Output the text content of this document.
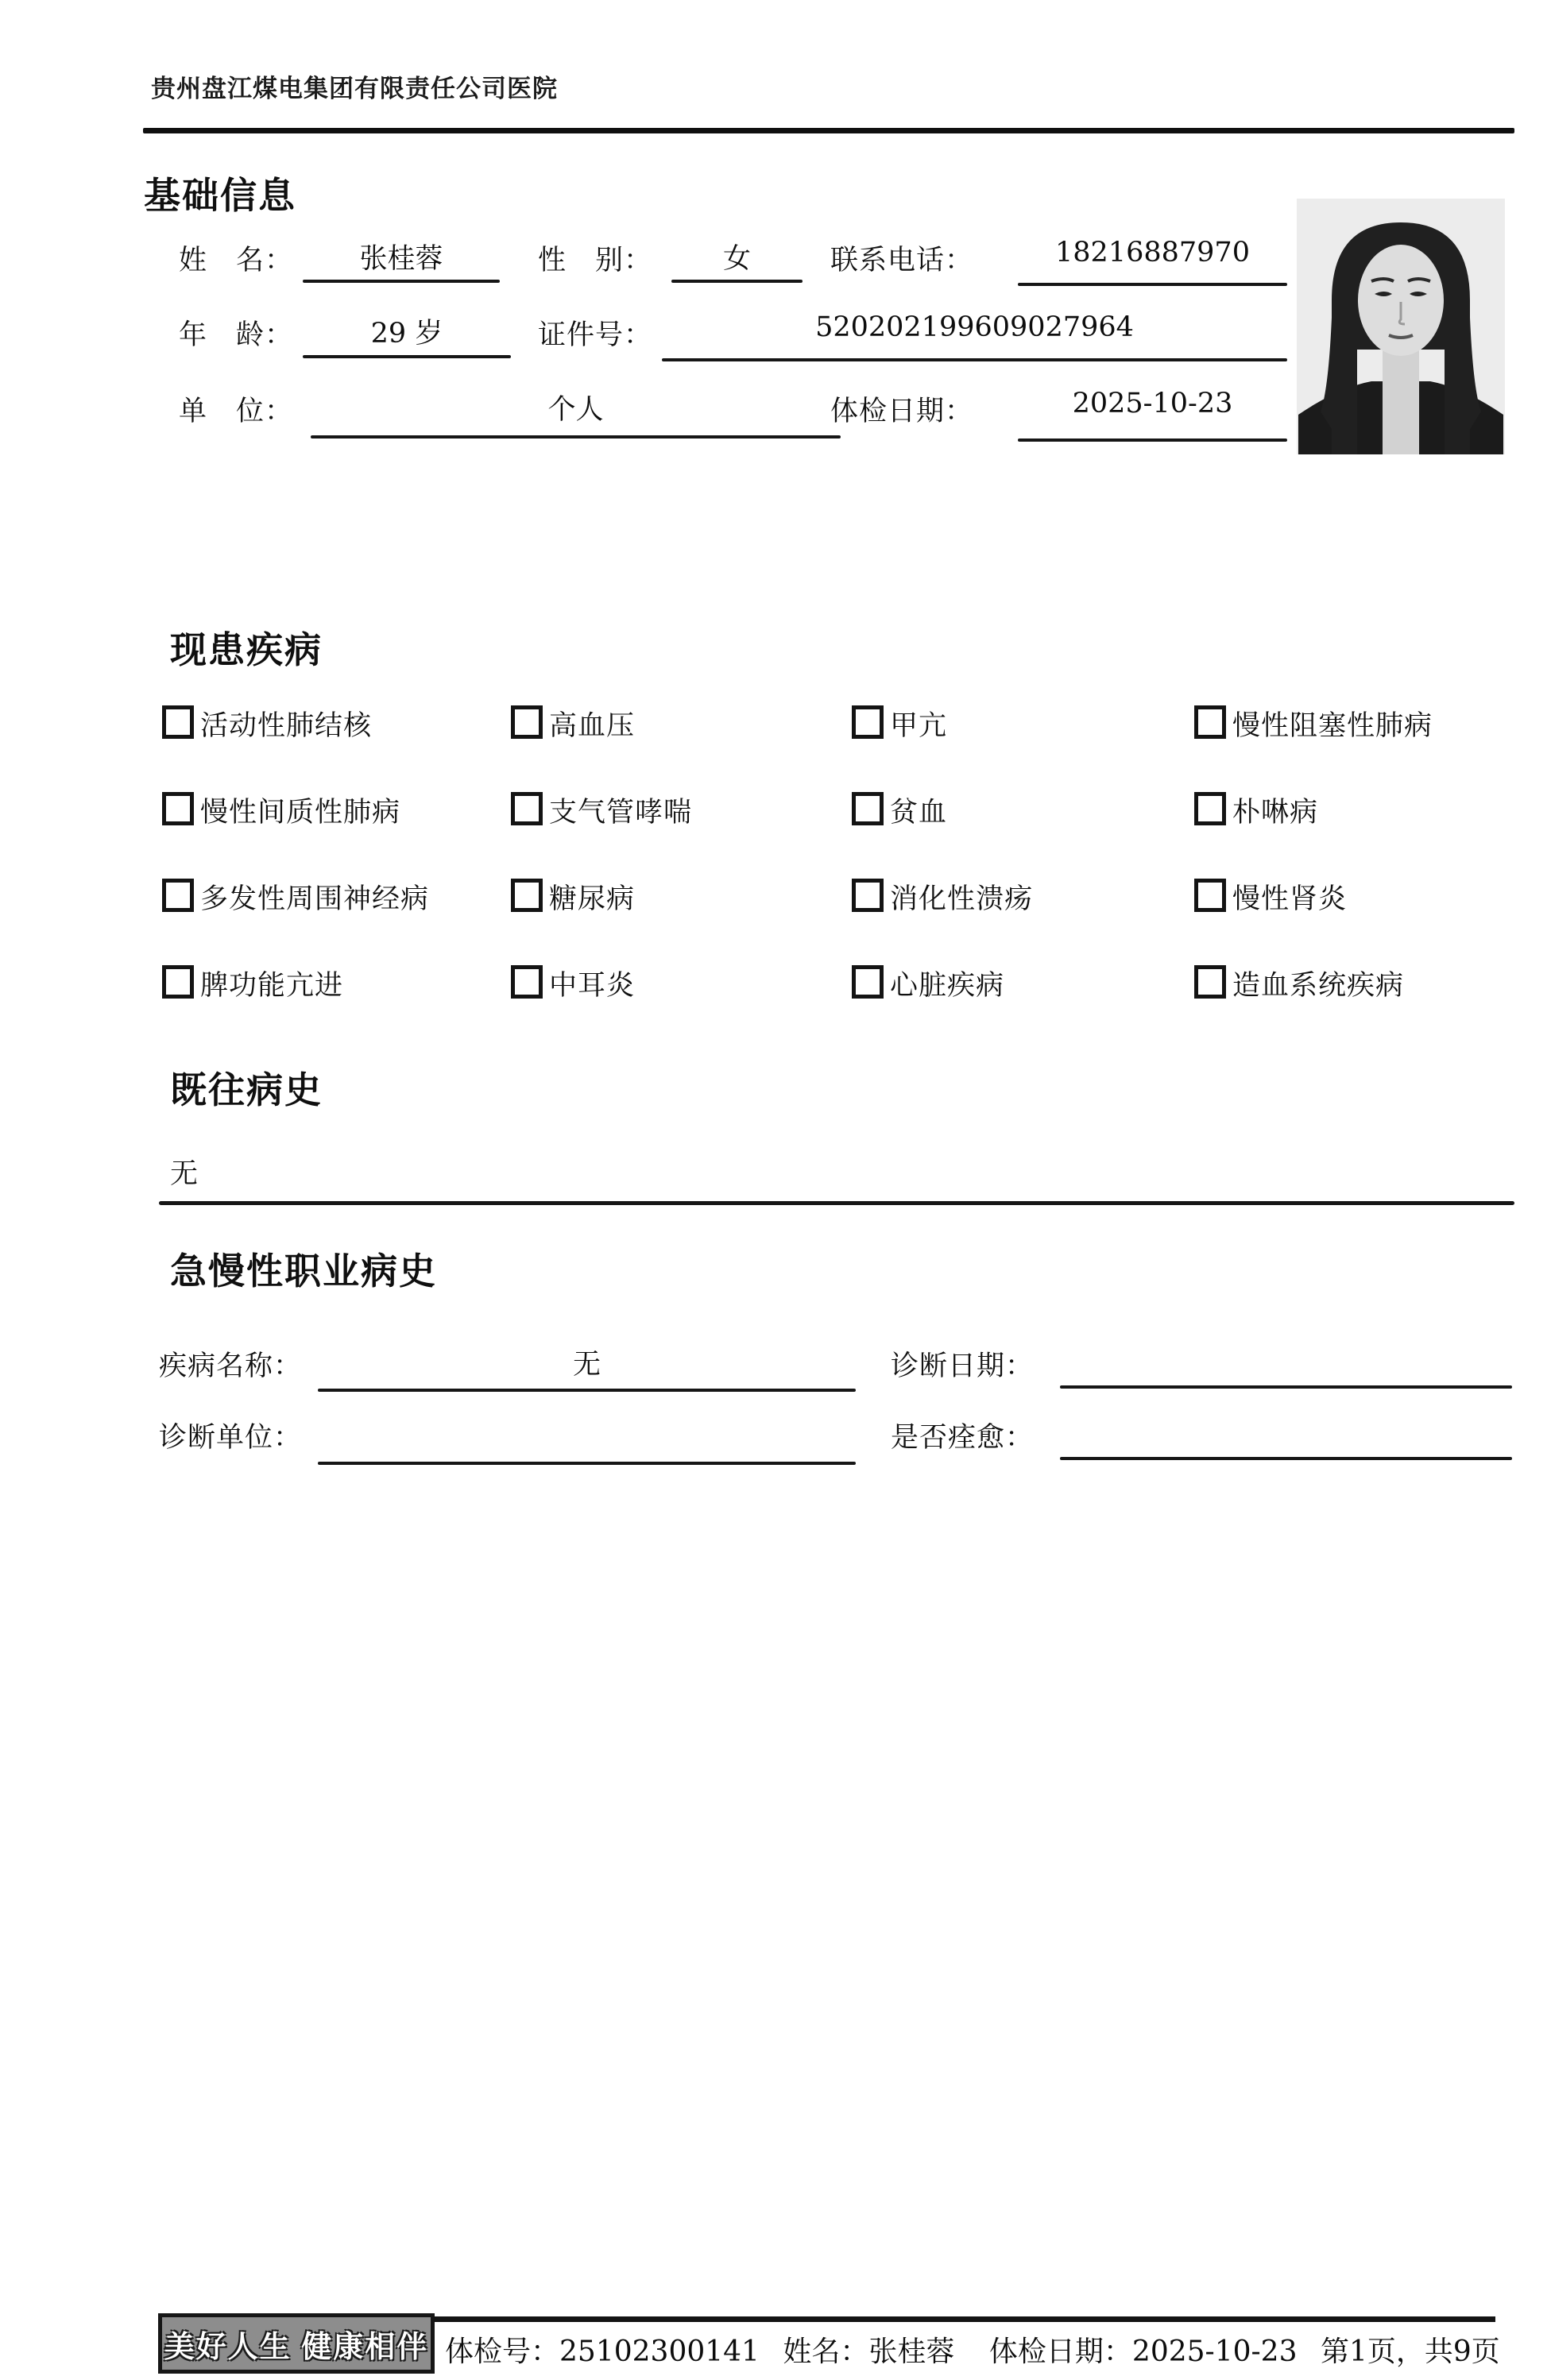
贵州盘江煤电集团有限责任公司医院
基础信息
姓　名：	张桂蓉	性　别：	女	联系电话：	18216887970
年　龄：	29 岁	证件号：	520202199609027964
单　位：	个人	体检日期：	2025-10-23
现患疾病
活动性肺结核	高血压	甲亢	慢性阻塞性肺病
慢性间质性肺病	支气管哮喘	贫血	朴啉病
多发性周围神经病	糖尿病	消化性溃疡	慢性肾炎
脾功能亢进	中耳炎	心脏疾病	造血系统疾病
既往病史
无
急慢性职业病史
疾病名称：	无	诊断日期：
诊断单位：	是否痊愈：
美好人生 健康相伴 体检号：25102300141 姓名：张桂蓉 体检日期：2025-10-23 第1页，共9页
